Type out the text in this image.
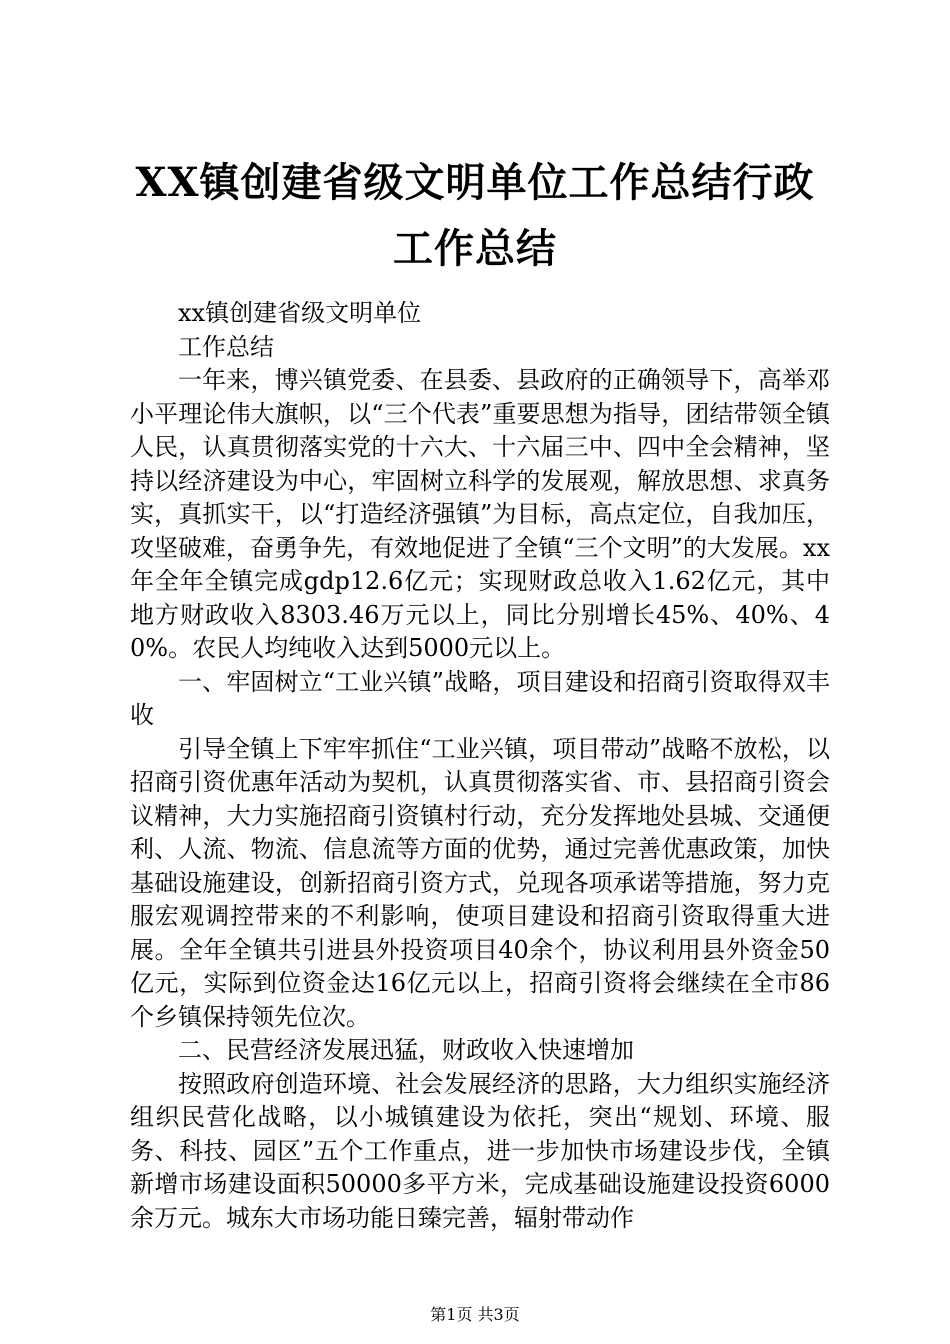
XX镇创建省级文明单位工作总结行政工作总结

xx镇创建省级文明单位

工作总结

一年来，博兴镇党委、在县委、县政府的正确领导下，高举邓小平理论伟大旗帜，以“三个代表”重要思想为指导，团结带领全镇人民，认真贯彻落实党的十六大、十六届三中、四中全会精神，坚持以经济建设为中心，牢固树立科学的发展观，解放思想、求真务实，真抓实干，以“打造经济强镇”为目标，高点定位，自我加压，攻坚破难，奋勇争先，有效地促进了全镇“三个文明”的大发展。xx年全年全镇完成gdp12.6亿元；实现财政总收入1.62亿元，其中地方财政收入8303.46万元以上，同比分别增长45%、40%、40%。农民人均纯收入达到5000元以上。

一、牢固树立“工业兴镇”战略，项目建设和招商引资取得双丰收

引导全镇上下牢牢抓住“工业兴镇，项目带动”战略不放松，以招商引资优惠年活动为契机，认真贯彻落实省、市、县招商引资会议精神，大力实施招商引资镇村行动，充分发挥地处县城、交通便利、人流、物流、信息流等方面的优势，通过完善优惠政策，加快基础设施建设，创新招商引资方式，兑现各项承诺等措施，努力克服宏观调控带来的不利影响，使项目建设和招商引资取得重大进展。全年全镇共引进县外投资项目40余个，协议利用县外资金50亿元，实际到位资金达16亿元以上，招商引资将会继续在全市86个乡镇保持领先位次。

二、民营经济发展迅猛，财政收入快速增加

按照政府创造环境、社会发展经济的思路，大力组织实施经济组织民营化战略，以小城镇建设为依托，突出“规划、环境、服务、科技、园区”五个工作重点，进一步加快市场建设步伐，全镇新增市场建设面积50000多平方米，完成基础设施建设投资6000余万元。城东大市场功能日臻完善，辐射带动作

第1页 共3页
